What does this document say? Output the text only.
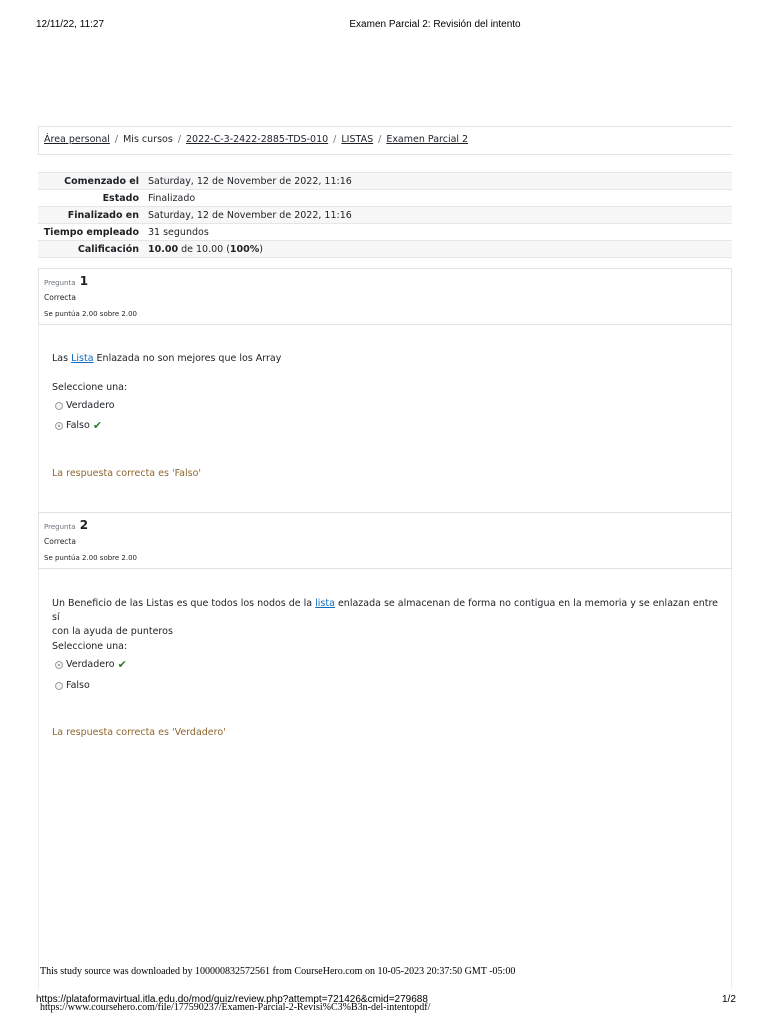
12/11/22, 11:27	Examen Parcial 2: Revisión del intento
Área personal / Mis cursos / 2022-C-3-2422-2885-TDS-010 / LISTAS / Examen Parcial 2
Comenzado el	Saturday, 12 de November de 2022, 11:16
Estado	Finalizado
Finalizado en	Saturday, 12 de November de 2022, 11:16
Tiempo empleado	31 segundos
Calificación	10.00 de 10.00 (100%)
Pregunta 1
Correcta
Se puntúa 2.00 sobre 2.00
Las Lista Enlazada no son mejores que los Array
Seleccione una:
Verdadero
Falso ✔
La respuesta correcta es 'Falso'
Pregunta 2
Correcta
Se puntúa 2.00 sobre 2.00
Un Beneficio de las Listas es que todos los nodos de la lista enlazada se almacenan de forma no contigua en la memoria y se enlazan entre sí
con la ayuda de punteros
Seleccione una:
Verdadero ✔
Falso
La respuesta correcta es 'Verdadero'
This study source was downloaded by 100000832572561 from CourseHero.com on 10-05-2023 20:37:50 GMT -05:00
https://plataformavirtual.itla.edu.do/mod/quiz/review.php?attempt=721426&cmid=279688
https://www.coursehero.com/file/177590237/Examen-Parcial-2-Revisi%C3%B3n-del-intentopdf/
1/2
